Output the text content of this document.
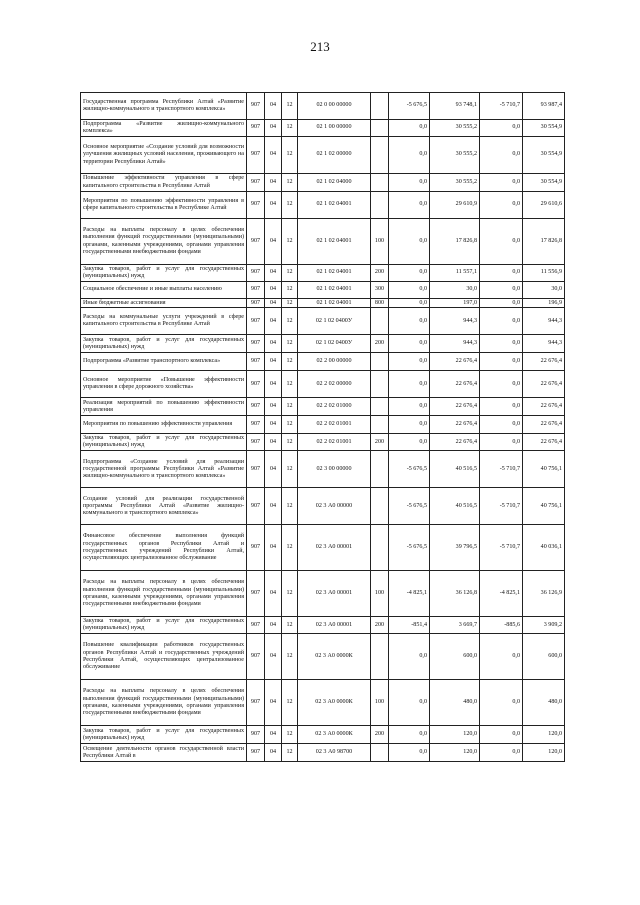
213
Государственная программа Республики Алтай «Развитие жилищно-коммунального и транспортного комплекса»	907	04	12	02 0 00 00000		-5 676,5	93 748,1	-5 710,7	93 987,4
Подпрограмма «Развитие жилищно-коммунального комплекса»	907	04	12	02 1 00 00000		0,0	30 555,2	0,0	30 554,9
Основное мероприятие «Создание условий для возможности улучшения жилищных условий населения, проживающего на территории Республики Алтай»	907	04	12	02 1 02 00000		0,0	30 555,2	0,0	30 554,9
Повышение эффективности управления в сфере капитального строительства в Республике Алтай	907	04	12	02 1 02 04000		0,0	30 555,2	0,0	30 554,9
Мероприятия по повышению эффективности управления в сфере капитального строительства в Республике Алтай	907	04	12	02 1 02 04001		0,0	29 610,9	0,0	29 610,6
Расходы на выплаты персоналу в целях обеспечения выполнения функций государственными (муниципальными) органами, казенными учреждениями, органами управления государственными внебюджетными фондами	907	04	12	02 1 02 04001	100	0,0	17 826,8	0,0	17 826,8
Закупка товаров, работ и услуг для государственных (муниципальных) нужд	907	04	12	02 1 02 04001	200	0,0	11 557,1	0,0	11 556,9
Социальное обеспечение и иные выплаты населению	907	04	12	02 1 02 04001	300	0,0	30,0	0,0	30,0
Иные бюджетные ассигнования	907	04	12	02 1 02 04001	800	0,0	197,0	0,0	196,9
Расходы на коммунальные услуги учреждений в сфере капитального строительства в Республике Алтай	907	04	12	02 1 02 0400У		0,0	944,3	0,0	944,3
Закупка товаров, работ и услуг для государственных (муниципальных) нужд	907	04	12	02 1 02 0400У	200	0,0	944,3	0,0	944,3
Подпрограмма «Развитие транспортного комплекса»	907	04	12	02 2 00 00000		0,0	22 676,4	0,0	22 676,4
Основное мероприятие «Повышение эффективности управления в сфере дорожного хозяйства»	907	04	12	02 2 02 00000		0,0	22 676,4	0,0	22 676,4
Реализация мероприятий по повышению эффективности управления	907	04	12	02 2 02 01000		0,0	22 676,4	0,0	22 676,4
Мероприятия по повышению эффективности управления	907	04	12	02 2 02 01001		0,0	22 676,4	0,0	22 676,4
Закупка товаров, работ и услуг для государственных (муниципальных) нужд	907	04	12	02 2 02 01001	200	0,0	22 676,4	0,0	22 676,4
Подпрограмма «Создание условий для реализации государственной программы Республики Алтай «Развитие жилищно-коммунального и транспортного комплекса»	907	04	12	02 3 00 00000		-5 676,5	40 516,5	-5 710,7	40 756,1
Создание условий для реализации государственной программы Республики Алтай «Развитие жилищно-коммунального и транспортного комплекса»	907	04	12	02 3 А0 00000		-5 676,5	40 516,5	-5 710,7	40 756,1
Финансовое обеспечение выполнения функций государственных органов Республики Алтай и государственных учреждений Республики Алтай, осуществляющих централизованное обслуживание	907	04	12	02 3 А0 00001		-5 676,5	39 796,5	-5 710,7	40 036,1
Расходы на выплаты персоналу в целях обеспечения выполнения функций государственными (муниципальными) органами, казенными учреждениями, органами управления государственными внебюджетными фондами	907	04	12	02 3 А0 00001	100	-4 825,1	36 126,8	-4 825,1	36 126,9
Закупка товаров, работ и услуг для государственных (муниципальных) нужд	907	04	12	02 3 А0 00001	200	-851,4	3 669,7	-885,6	3 909,2
Повышение квалификации работников государственных органов Республики Алтай и государственных учреждений Республики Алтай, осуществляющих централизованное обслуживание	907	04	12	02 3 А0 0000К		0,0	600,0	0,0	600,0
Расходы на выплаты персоналу в целях обеспечения выполнения функций государственными (муниципальными) органами, казенными учреждениями, органами управления государственными внебюджетными фондами	907	04	12	02 3 А0 0000К	100	0,0	480,0	0,0	480,0
Закупка товаров, работ и услуг для государственных (муниципальных) нужд	907	04	12	02 3 А0 0000К	200	0,0	120,0	0,0	120,0
Освещение деятельности органов государственной власти Республики Алтай в	907	04	12	02 3 А0 98700		0,0	120,0	0,0	120,0
